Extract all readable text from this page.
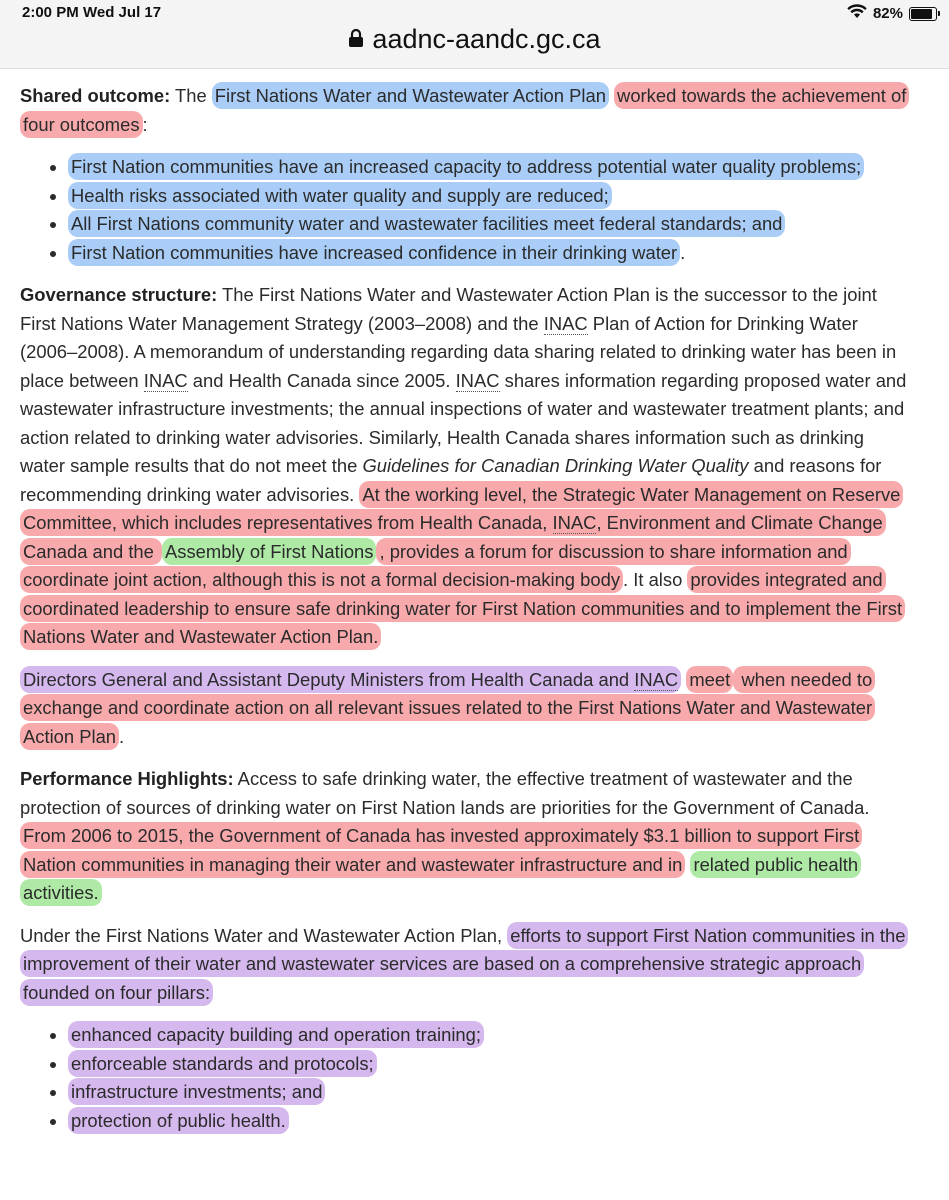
2:00 PM Wed Jul 17	82%
aadnc-aandc.gc.ca

Shared outcome: The First Nations Water and Wastewater Action Plan worked towards the achievement of four outcomes :

• First Nation communities have an increased capacity to address potential water quality problems;
• Health risks associated with water quality and supply are reduced;
• All First Nations community water and wastewater facilities meet federal standards; and
• First Nation communities have increased confidence in their drinking water .

Governance structure: The First Nations Water and Wastewater Action Plan is the successor to the joint First Nations Water Management Strategy (2003–2008) and the INAC Plan of Action for Drinking Water (2006–2008). A memorandum of understanding regarding data sharing related to drinking water has been in place between INAC and Health Canada since 2005. INAC shares information regarding proposed water and wastewater infrastructure investments; the annual inspections of water and wastewater treatment plants; and action related to drinking water advisories. Similarly, Health Canada shares information such as drinking water sample results that do not meet the Guidelines for Canadian Drinking Water Quality and reasons for recommending drinking water advisories. At the working level, the Strategic Water Management on Reserve Committee, which includes representatives from Health Canada, INAC, Environment and Climate Change Canada and the Assembly of First Nations , provides a forum for discussion to share information and coordinate joint action, although this is not a formal decision-making body . It also provides integrated and coordinated leadership to ensure safe drinking water for First Nation communities and to implement the First Nations Water and Wastewater Action Plan.

Directors General and Assistant Deputy Ministers from Health Canada and INAC meet when needed to exchange and coordinate action on all relevant issues related to the First Nations Water and Wastewater Action Plan .

Performance Highlights: Access to safe drinking water, the effective treatment of wastewater and the protection of sources of drinking water on First Nation lands are priorities for the Government of Canada. From 2006 to 2015, the Government of Canada has invested approximately $3.1 billion to support First Nation communities in managing their water and wastewater infrastructure and in related public health activities.

Under the First Nations Water and Wastewater Action Plan, efforts to support First Nation communities in the improvement of their water and wastewater services are based on a comprehensive strategic approach founded on four pillars:

• enhanced capacity building and operation training;
• enforceable standards and protocols;
• infrastructure investments; and
• protection of public health.
